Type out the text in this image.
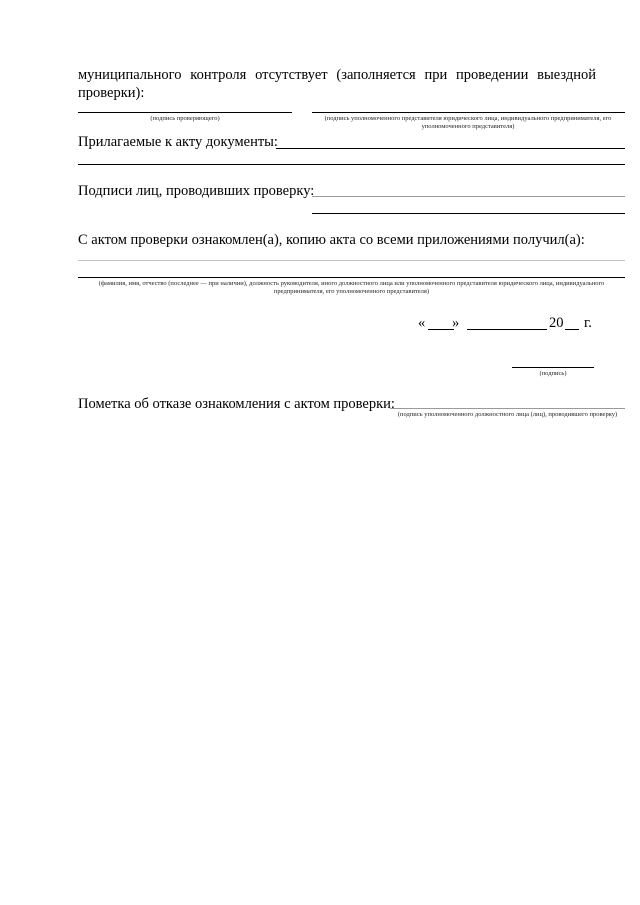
муниципального контроля отсутствует (заполняется при проведении выездной
проверки):
(подпись проверяющего)	(подпись уполномоченного представителя юридического лица, индивидуального предпринимателя, его уполномоченного представителя)
Прилагаемые к акту документы:
Подписи лиц, проводивших проверку:
С актом проверки ознакомлен(а), копию акта со всеми приложениями получил(а):
(фамилия, имя, отчество (последнее — при наличии), должность руководителя, иного должностного лица или уполномоченного представителя юридического лица, индивидуального предпринимателя, его уполномоченного представителя)
« »	20 г.
(подпись)
Пометка об отказе ознакомления с актом проверки:
(подпись уполномоченного должностного лица (лиц), проводившего проверку)
